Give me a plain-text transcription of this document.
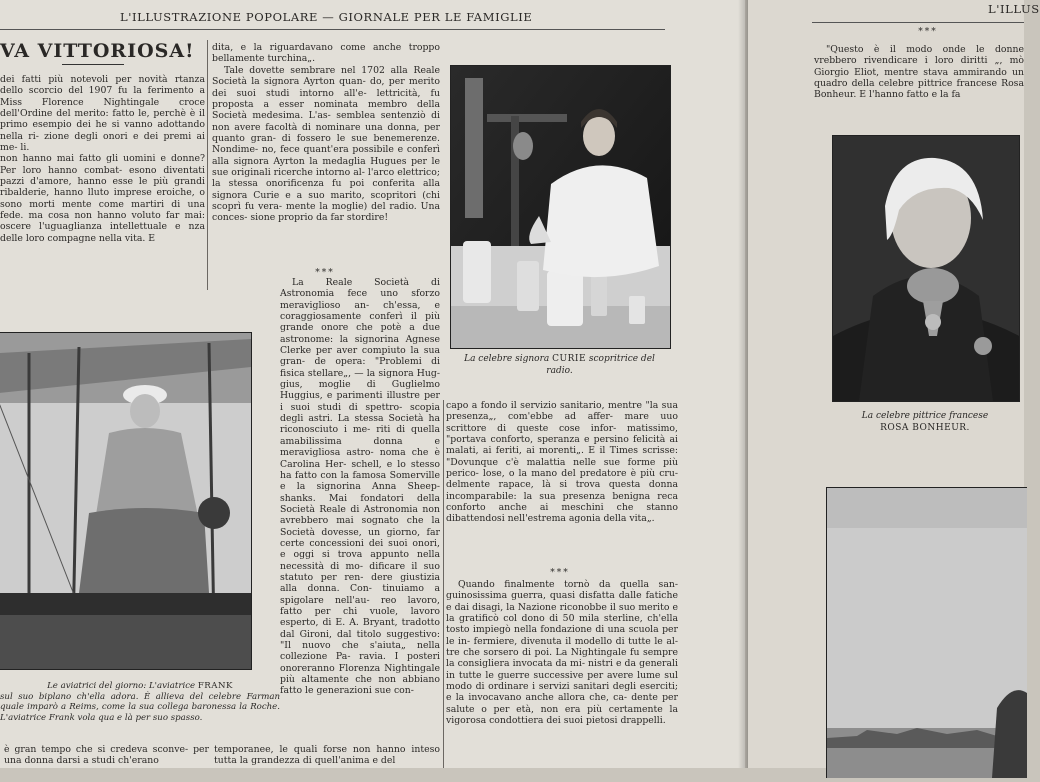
L'ILLUSTRAZIONE POPOLARE — GIORNALE PER LE FAMIGLIE
VA VITTORIOSA!

dei fatti più notevoli per novità rtanza dello scorcio del 1907 fu la ferimento a Miss Florence Nightingale croce dell'Ordine del merito: fatto le, perchè è il primo esempio dei he si vanno adottando nella ri- zione degli onori e dei premi ai me- li.

non hanno mai fatto gli uomini e donne? Per loro hanno combat- esono diventati pazzi d'amore, hanno esse le più grandi ribalderie, hanno lluto imprese eroiche, o sono morti mente come martiri di una fede. ma cosa non hanno voluto far mai: oscere l'uguaglianza intellettuale e nza delle loro compagne nella vita. E

dita, e la riguardavano come anche troppo bellamente turchina„.

Tale dovette sembrare nel 1702 alla Reale Società la signora Ayrton quan- do, per merito dei suoi studi intorno all'e- lettricità, fu proposta a esser nominata membro della Società medesima. L'as- semblea sentenziò di non avere facoltà di nominare una donna, per quanto gran- di fossero le sue benemerenze. Nondime- no, fece quant'era possibile e conferì alla signora Ayrton la medaglia Hugues per le sue originali ricerche intorno al- l'arco elettrico; la stessa onorificenza fu poi conferita alla signora Curie e a suo marito, scopritori (chi scoprì fu vera- mente la moglie) del radio. Una conces- sione proprio da far stordire!

La celebre signora CURIE scopritrice del radio.
***

La Reale Società di Astronomia fece uno sforzo meraviglioso an- ch'essa, e coraggiosamente conferì il più grande onore che potè a due astronome: la signorina Agnese Clerke per aver compiuto la sua gran- de opera: "Problemi di fisica stellare„, — la signora Hug- gius, moglie di Guglielmo Huggius, e parimenti illustre per i suoi studi di spettro- scopia degli astri. La stessa Società ha riconosciuto i me- riti di quella amabilissima donna e meravigliosa astro- noma che è Carolina Her- schell, e lo stesso ha fatto con la famosa Somerville e la signorina Anna Sheep- shanks. Mai fondatori della Società Reale di Astronomia non avrebbero mai sognato che la Società dovesse, un giorno, far certe concessioni dei suoi onori, e oggi si trova appunto nella necessità di mo- dificare il suo statuto per ren- dere giustizia alla donna. Con- tinuiamo a spigolare nell'au- reo lavoro, fatto per chi vuole, lavoro esperto, di E. A. Bryant, tradotto dal Gironi, dal titolo suggestivo: "Il nuovo che s'aiuta„ nella collezione Pa- ravia. I posteri onoreranno Florenza Nightingale più altamente che non abbiano fatto le generazioni sue con-

capo a fondo il servizio sanitario, mentre "la sua presenza„, com'ebbe ad affer- mare uuo scrittore di queste cose infor- matissimo, "portava conforto, speranza e persino felicità ai malati, ai feriti, ai morenti„. E il Times scrisse: "Dovunque c'è malattia nelle sue forme più perico- lose, o la mano del predatore è più cru- delmente rapace, là si trova questa donna incomparabile: la sua presenza benigna reca conforto anche ai meschini che stanno dibattendosi nell'estrema agonia della vita„.

***

Quando finalmente tornò da quella san- guinosissima guerra, quasi disfatta dalle fatiche e dai disagi, la Nazione riconobbe il suo merito e la gratificò col dono di 50 mila sterline, ch'ella tosto impiegò nella fondazione di una scuola per le in- fermiere, divenuta il modello di tutte le al- tre che sorsero di poi. La Nightingale fu sempre la consigliera invocata da mi- nistri e da generali in tutte le guerre successive per avere lume sul modo di ordinare i servizi sanitari degli eserciti; e la invocavano anche allora che, ca- dente per salute o per età, non era più certamente la vigorosa condottiera dei suoi pietosi drappelli.

Le aviatrici del giorno: L'aviatrice FRANK
sul suo biplano ch'ella adora. È allieva del celebre Farman quale imparò a Reims, come la sua collega baronessa la Roche. L'aviatrice Frank vola qua e là per suo spasso.
è gran tempo che si credeva sconve- per una donna darsi a studi ch'erano
temporanee, le quali forse non hanno inteso tutta la grandezza di quell'anima e del
L'ILLUS
***

"Questo è il modo onde le donne vrebbero rivendicare i loro diritti „, mò Giorgio Eliot, mentre stava ammirando un quadro della celebre pittrice francese Rosa Bonheur. E l'hanno fatto e la fa

La celebre pittrice francese
ROSA BONHEUR.
